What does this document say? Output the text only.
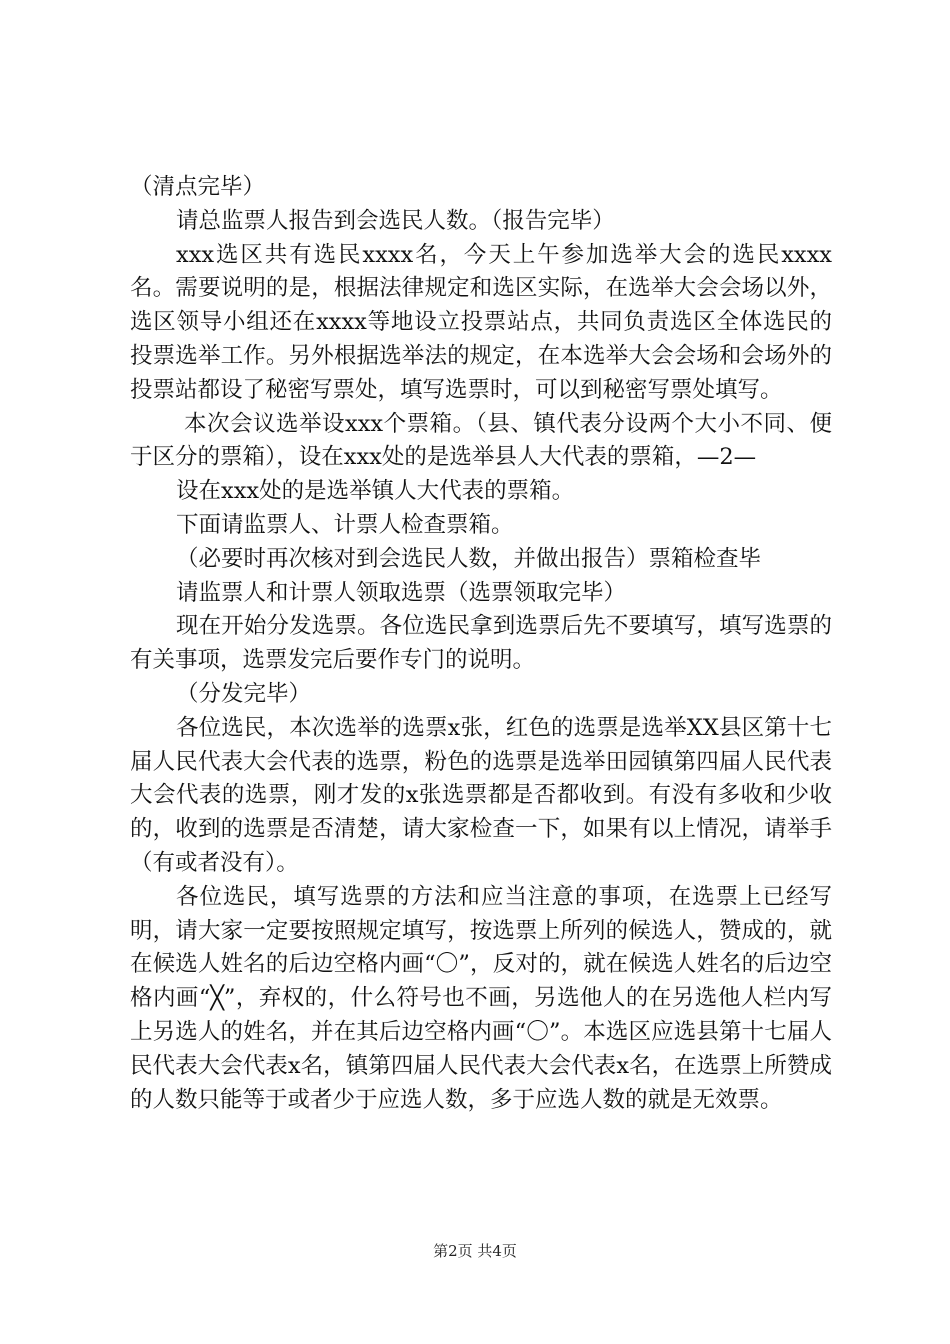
（清点完毕）

请总监票人报告到会选民人数。（报告完毕）

xxx选区共有选民xxxx名，今天上午参加选举大会的选民xxxx名。需要说明的是，根据法律规定和选区实际，在选举大会会场以外，选区领导小组还在xxxx等地设立投票站点，共同负责选区全体选民的投票选举工作。另外根据选举法的规定，在本选举大会会场和会场外的投票站都设了秘密写票处，填写选票时，可以到秘密写票处填写。

本次会议选举设xxx个票箱。（县、镇代表分设两个大小不同、便于区分的票箱），设在xxx处的是选举县人大代表的票箱，—2—

设在xxx处的是选举镇人大代表的票箱。

下面请监票人、计票人检查票箱。

（必要时再次核对到会选民人数，并做出报告）票箱检查毕

请监票人和计票人领取选票（选票领取完毕）

现在开始分发选票。各位选民拿到选票后先不要填写，填写选票的有关事项，选票发完后要作专门的说明。

（分发完毕）

各位选民，本次选举的选票x张，红色的选票是选举XX县区第十七届人民代表大会代表的选票，粉色的选票是选举田园镇第四届人民代表大会代表的选票，刚才发的x张选票都是否都收到。有没有多收和少收的，收到的选票是否清楚，请大家检查一下，如果有以上情况，请举手（有或者没有）。

各位选民，填写选票的方法和应当注意的事项，在选票上已经写明，请大家一定要按照规定填写，按选票上所列的候选人，赞成的，就在候选人姓名的后边空格内画“〇”，反对的，就在候选人姓名的后边空格内画“╳”，弃权的，什么符号也不画，另选他人的在另选他人栏内写上另选人的姓名，并在其后边空格内画“〇”。本选区应选县第十七届人民代表大会代表x名，镇第四届人民代表大会代表x名，在选票上所赞成的人数只能等于或者少于应选人数，多于应选人数的就是无效票。

第2页 共4页
